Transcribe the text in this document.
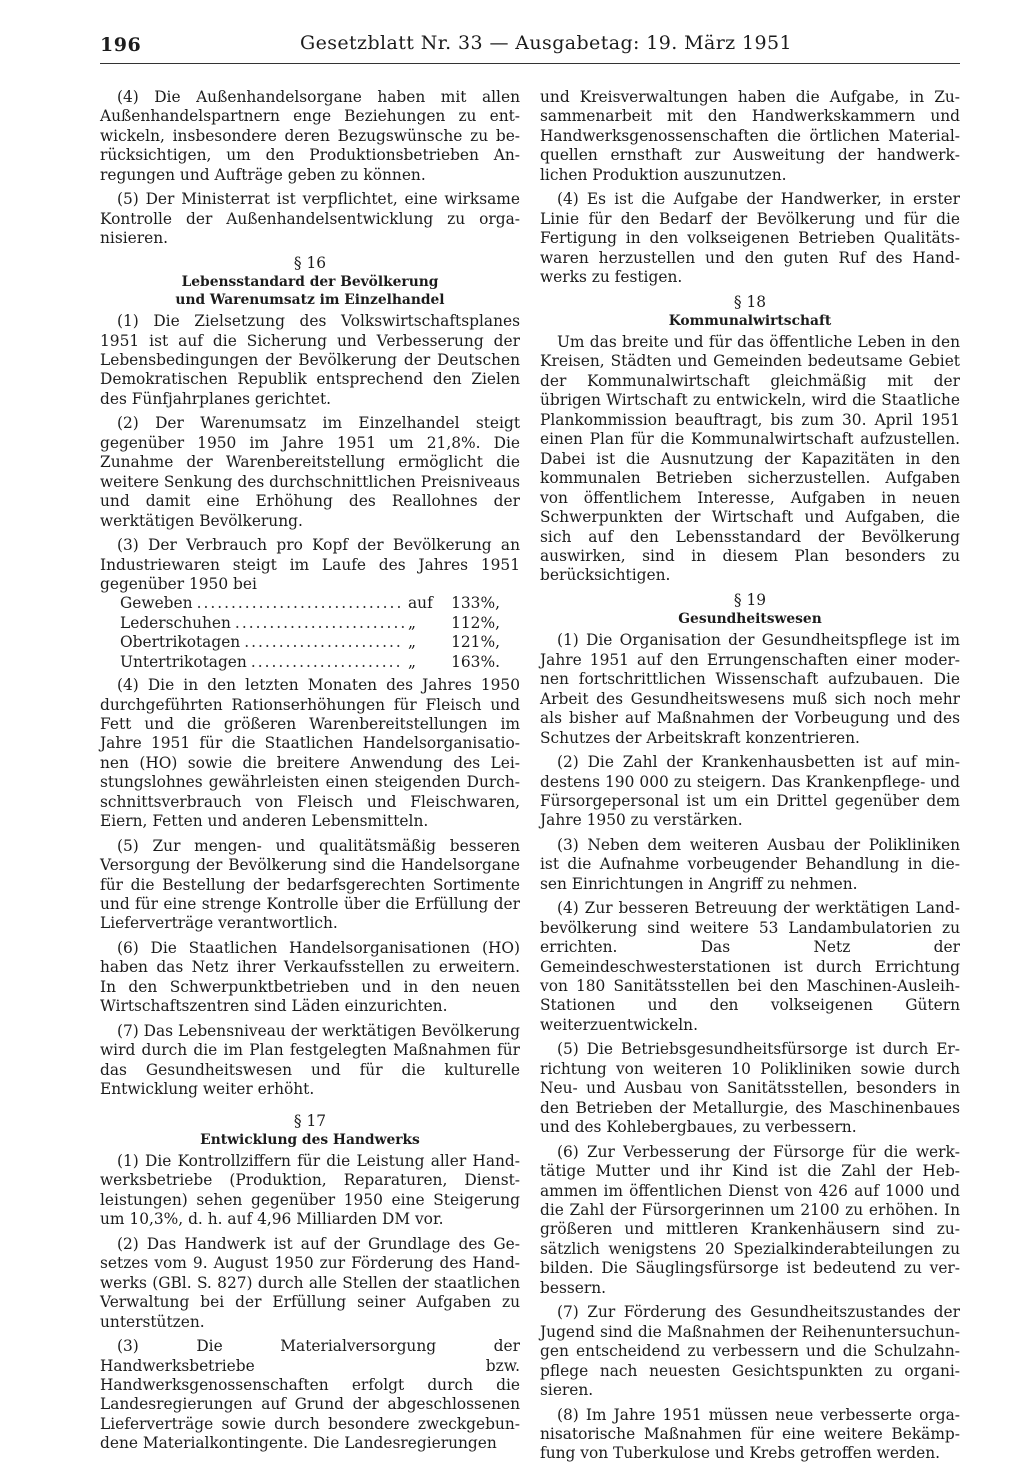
196	Gesetzblatt Nr. 33 — Ausgabetag: 19. März 1951

(4) Die Außenhandelsorgane haben mit allen Außenhandelspartnern enge Beziehungen zu entwickeln, insbesondere deren Bezugswünsche zu berücksichtigen, um den Produktionsbetrieben Anregungen und Aufträge geben zu können.

(5) Der Ministerrat ist verpflichtet, eine wirksame Kontrolle der Außenhandelsentwicklung zu organisieren.

§ 16
Lebensstandard der Bevölkerung
und Warenumsatz im Einzelhandel

(1) Die Zielsetzung des Volkswirtschaftsplanes 1951 ist auf die Sicherung und Verbesserung der Lebensbedingungen der Bevölkerung der Deutschen Demokratischen Republik entsprechend den Zielen des Fünfjahrplanes gerichtet.

(2) Der Warenumsatz im Einzelhandel steigt gegenüber 1950 im Jahre 1951 um 21,8%. Die Zunahme der Warenbereitstellung ermöglicht die weitere Senkung des durchschnittlichen Preisniveaus und damit eine Erhöhung des Reallohnes der werktätigen Bevölkerung.

(3) Der Verbrauch pro Kopf der Bevölkerung an Industriewaren steigt im Laufe des Jahres 1951 gegenüber 1950 bei

Geweben .....	auf	133%,
Lederschuhen .....	„	112%,
Obertrikotagen .....	„	121%,
Untertrikotagen .....	„	163%.

(4) Die in den letzten Monaten des Jahres 1950 durchgeführten Rationserhöhungen für Fleisch und Fett und die größeren Warenbereitstellungen im Jahre 1951 für die Staatlichen Handelsorganisationen (HO) sowie die breitere Anwendung des Leistungslohnes gewährleisten einen steigenden Durchschnittsverbrauch von Fleisch und Fleischwaren, Eiern, Fetten und anderen Lebensmitteln.

(5) Zur mengen- und qualitätsmäßig besseren Versorgung der Bevölkerung sind die Handelsorgane für die Bestellung der bedarfsgerechten Sortimente und für eine strenge Kontrolle über die Erfüllung der Lieferverträge verantwortlich.

(6) Die Staatlichen Handelsorganisationen (HO) haben das Netz ihrer Verkaufsstellen zu erweitern. In den Schwerpunktbetrieben und in den neuen Wirtschaftszentren sind Läden einzurichten.

(7) Das Lebensniveau der werktätigen Bevölkerung wird durch die im Plan festgelegten Maßnahmen für das Gesundheitswesen und für die kulturelle Entwicklung weiter erhöht.

§ 17
Entwicklung des Handwerks

(1) Die Kontrollziffern für die Leistung aller Handwerksbetriebe (Produktion, Reparaturen, Dienstleistungen) sehen gegenüber 1950 eine Steigerung um 10,3%, d. h. auf 4,96 Milliarden DM vor.

(2) Das Handwerk ist auf der Grundlage des Gesetzes vom 9. August 1950 zur Förderung des Handwerks (GBl. S. 827) durch alle Stellen der staatlichen Verwaltung bei der Erfüllung seiner Aufgaben zu unterstützen.

(3) Die Materialversorgung der Handwerksbetriebe bzw. Handwerksgenossenschaften erfolgt durch die Landesregierungen auf Grund der abgeschlossenen Lieferverträge sowie durch besondere zweckgebundene Materialkontingente. Die Landesregierungen

und Kreisverwaltungen haben die Aufgabe, in Zusammenarbeit mit den Handwerkskammern und Handwerksgenossenschaften die örtlichen Materialquellen ernsthaft zur Ausweitung der handwerklichen Produktion auszunutzen.

(4) Es ist die Aufgabe der Handwerker, in erster Linie für den Bedarf der Bevölkerung und für die Fertigung in den volkseigenen Betrieben Qualitätswaren herzustellen und den guten Ruf des Handwerks zu festigen.

§ 18
Kommunalwirtschaft

Um das breite und für das öffentliche Leben in den Kreisen, Städten und Gemeinden bedeutsame Gebiet der Kommunalwirtschaft gleichmäßig mit der übrigen Wirtschaft zu entwickeln, wird die Staatliche Plankommission beauftragt, bis zum 30. April 1951 einen Plan für die Kommunalwirtschaft aufzustellen. Dabei ist die Ausnutzung der Kapazitäten in den kommunalen Betrieben sicherzustellen. Aufgaben von öffentlichem Interesse, Aufgaben in neuen Schwerpunkten der Wirtschaft und Aufgaben, die sich auf den Lebensstandard der Bevölkerung auswirken, sind in diesem Plan besonders zu berücksichtigen.

§ 19
Gesundheitswesen

(1) Die Organisation der Gesundheitspflege ist im Jahre 1951 auf den Errungenschaften einer modernen fortschrittlichen Wissenschaft aufzubauen. Die Arbeit des Gesundheitswesens muß sich noch mehr als bisher auf Maßnahmen der Vorbeugung und des Schutzes der Arbeitskraft konzentrieren.

(2) Die Zahl der Krankenhausbetten ist auf mindestens 190 000 zu steigern. Das Krankenpflege- und Fürsorgepersonal ist um ein Drittel gegenüber dem Jahre 1950 zu verstärken.

(3) Neben dem weiteren Ausbau der Polikliniken ist die Aufnahme vorbeugender Behandlung in diesen Einrichtungen in Angriff zu nehmen.

(4) Zur besseren Betreuung der werktätigen Landbevölkerung sind weitere 53 Landambulatorien zu errichten. Das Netz der Gemeindeschwesterstationen ist durch Errichtung von 180 Sanitätsstellen bei den Maschinen-Ausleih-Stationen und den volkseigenen Gütern weiterzuentwickeln.

(5) Die Betriebsgesundheitsfürsorge ist durch Errichtung von weiteren 10 Polikliniken sowie durch Neu- und Ausbau von Sanitätsstellen, besonders in den Betrieben der Metallurgie, des Maschinenbaues und des Kohlebergbaues, zu verbessern.

(6) Zur Verbesserung der Fürsorge für die werktätige Mutter und ihr Kind ist die Zahl der Hebammen im öffentlichen Dienst von 426 auf 1000 und die Zahl der Fürsorgerinnen um 2100 zu erhöhen. In größeren und mittleren Krankenhäusern sind zusätzlich wenigstens 20 Spezialkinderabteilungen zu bilden. Die Säuglingsfürsorge ist bedeutend zu verbessern.

(7) Zur Förderung des Gesundheitszustandes der Jugend sind die Maßnahmen der Reihenuntersuchungen entscheidend zu verbessern und die Schulzahnpflege nach neuesten Gesichtspunkten zu organisieren.

(8) Im Jahre 1951 müssen neue verbesserte organisatorische Maßnahmen für eine weitere Bekämpfung von Tuberkulose und Krebs getroffen werden.
